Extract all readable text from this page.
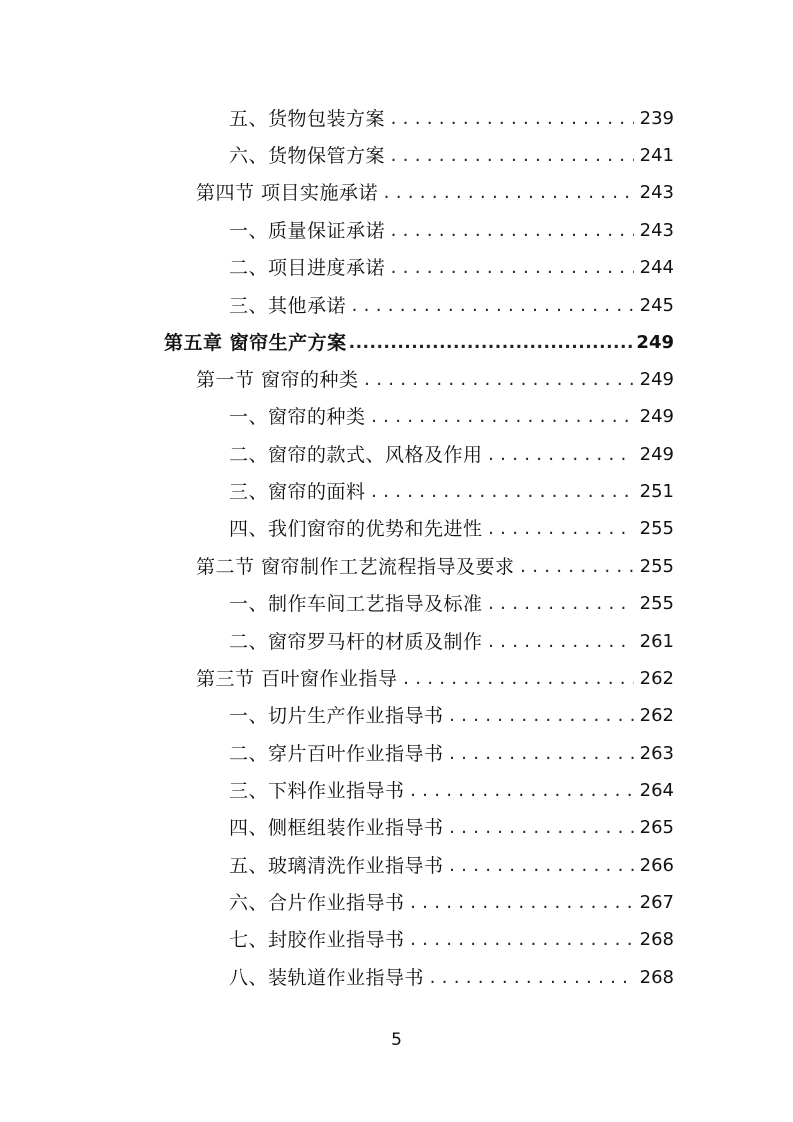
五、货物包装方案 .....	239
六、货物保管方案 .....	241
第四节 项目实施承诺 .....	243
一、质量保证承诺 .....	243
二、项目进度承诺 .....	244
三、其他承诺 .....	245
第五章 窗帘生产方案 .....	249
第一节 窗帘的种类 .....	249
一、窗帘的种类 .....	249
二、窗帘的款式、风格及作用 .....	249
三、窗帘的面料 .....	251
四、我们窗帘的优势和先进性 .....	255
第二节 窗帘制作工艺流程指导及要求 .....	255
一、制作车间工艺指导及标准 .....	255
二、窗帘罗马杆的材质及制作 .....	261
第三节 百叶窗作业指导 .....	262
一、切片生产作业指导书 .....	262
二、穿片百叶作业指导书 .....	263
三、下料作业指导书 .....	264
四、侧框组装作业指导书 .....	265
五、玻璃清洗作业指导书 .....	266
六、合片作业指导书 .....	267
七、封胶作业指导书 .....	268
八、装轨道作业指导书 .....	268
5
